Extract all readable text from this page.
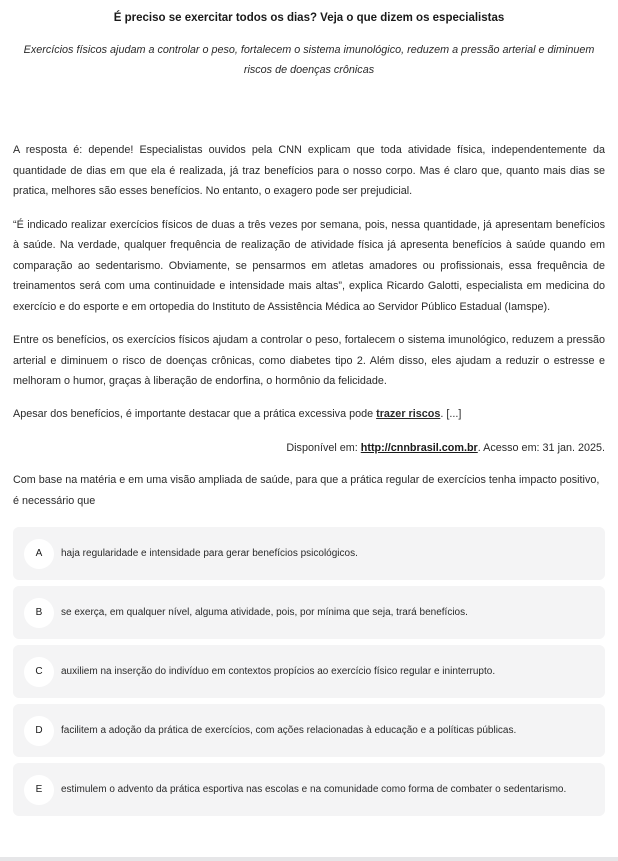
É preciso se exercitar todos os dias? Veja o que dizem os especialistas

Exercícios físicos ajudam a controlar o peso, fortalecem o sistema imunológico, reduzem a pressão arterial e diminuem riscos de doenças crônicas

A resposta é: depende! Especialistas ouvidos pela CNN explicam que toda atividade física, independentemente da quantidade de dias em que ela é realizada, já traz benefícios para o nosso corpo. Mas é claro que, quanto mais dias se pratica, melhores são esses benefícios. No entanto, o exagero pode ser prejudicial.

“É indicado realizar exercícios físicos de duas a três vezes por semana, pois, nessa quantidade, já apresentam benefícios à saúde. Na verdade, qualquer frequência de realização de atividade física já apresenta benefícios à saúde quando em comparação ao sedentarismo. Obviamente, se pensarmos em atletas amadores ou profissionais, essa frequência de treinamentos será com uma continuidade e intensidade mais altas”, explica Ricardo Galotti, especialista em medicina do exercício e do esporte e em ortopedia do Instituto de Assistência Médica ao Servidor Público Estadual (Iamspe).

Entre os benefícios, os exercícios físicos ajudam a controlar o peso, fortalecem o sistema imunológico, reduzem a pressão arterial e diminuem o risco de doenças crônicas, como diabetes tipo 2. Além disso, eles ajudam a reduzir o estresse e melhoram o humor, graças à liberação de endorfina, o hormônio da felicidade.

Apesar dos benefícios, é importante destacar que a prática excessiva pode trazer riscos. [...]

Disponível em: http://cnnbrasil.com.br. Acesso em: 31 jan. 2025.

Com base na matéria e em uma visão ampliada de saúde, para que a prática regular de exercícios tenha impacto positivo, é necessário que

A	haja regularidade e intensidade para gerar benefícios psicológicos.
B	se exerça, em qualquer nível, alguma atividade, pois, por mínima que seja, trará benefícios.
C	auxiliem na inserção do indivíduo em contextos propícios ao exercício físico regular e ininterrupto.
D	facilitem a adoção da prática de exercícios, com ações relacionadas à educação e a políticas públicas.
E	estimulem o advento da prática esportiva nas escolas e na comunidade como forma de combater o sedentarismo.
